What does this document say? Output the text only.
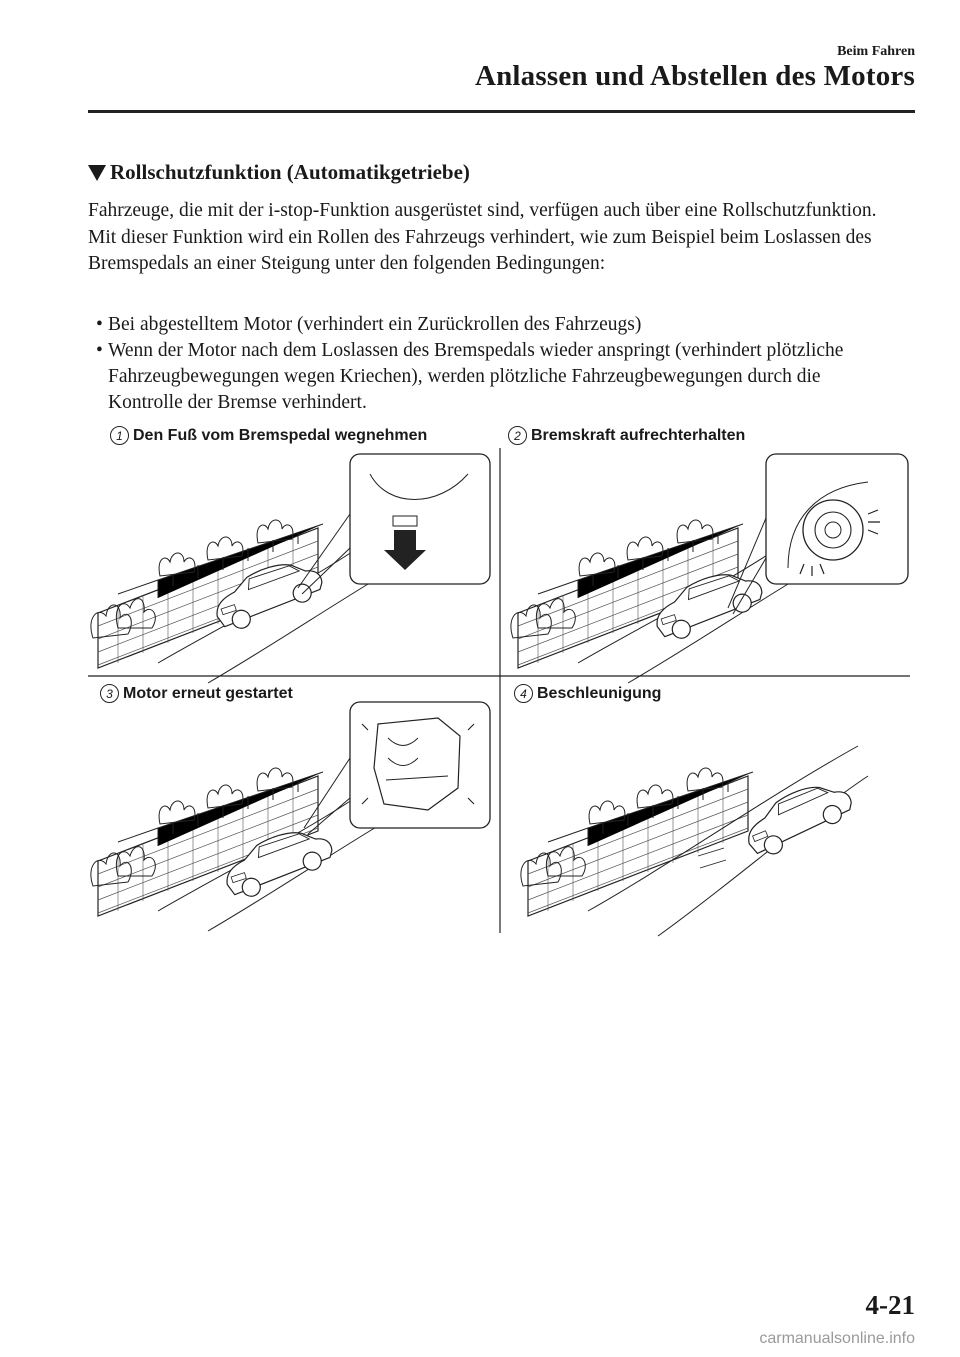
Beim Fahren
Anlassen und Abstellen des Motors
Rollschutzfunktion (Automatikgetriebe)
Fahrzeuge, die mit der i-stop-Funktion ausgerüstet sind, verfügen auch über eine Rollschutzfunktion. Mit dieser Funktion wird ein Rollen des Fahrzeugs verhindert, wie zum Beispiel beim Loslassen des Bremspedals an einer Steigung unter den folgenden Bedingungen:
• Bei abgestelltem Motor (verhindert ein Zurückrollen des Fahrzeugs)
• Wenn der Motor nach dem Loslassen des Bremspedals wieder anspringt (verhindert plötzliche Fahrzeugbewegungen wegen Kriechen), werden plötzliche Fahrzeugbewegungen durch die Kontrolle der Bremse verhindert.
1 Den Fuß vom Bremspedal wegnehmen	2 Bremskraft aufrechterhalten
3 Motor erneut gestartet	4 Beschleunigung
4-21
carmanualsonline.info
